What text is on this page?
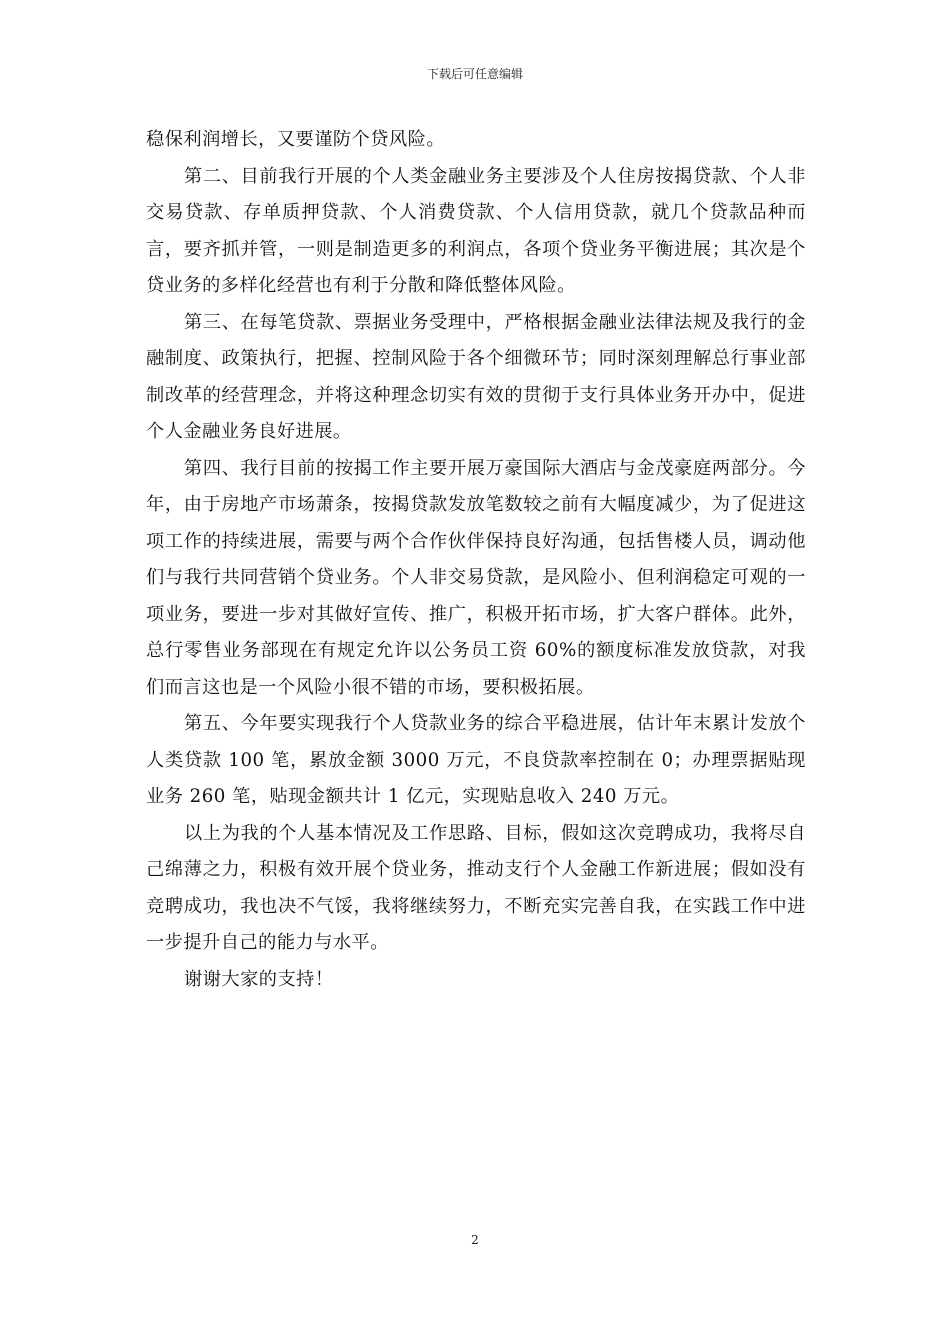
下载后可任意编辑

稳保利润增长，又要谨防个贷风险。

第二、目前我行开展的个人类金融业务主要涉及个人住房按揭贷款、个人非交易贷款、存单质押贷款、个人消费贷款、个人信用贷款，就几个贷款品种而言，要齐抓并管，一则是制造更多的利润点，各项个贷业务平衡进展；其次是个贷业务的多样化经营也有利于分散和降低整体风险。

第三、在每笔贷款、票据业务受理中，严格根据金融业法律法规及我行的金融制度、政策执行，把握、控制风险于各个细微环节；同时深刻理解总行事业部制改革的经营理念，并将这种理念切实有效的贯彻于支行具体业务开办中，促进个人金融业务良好进展。

第四、我行目前的按揭工作主要开展万豪国际大酒店与金茂豪庭两部分。今年，由于房地产市场萧条，按揭贷款发放笔数较之前有大幅度减少，为了促进这项工作的持续进展，需要与两个合作伙伴保持良好沟通，包括售楼人员，调动他们与我行共同营销个贷业务。个人非交易贷款，是风险小、但利润稳定可观的一项业务，要进一步对其做好宣传、推广，积极开拓市场，扩大客户群体。此外，总行零售业务部现在有规定允许以公务员工资 60%的额度标准发放贷款，对我们而言这也是一个风险小很不错的市场，要积极拓展。

第五、今年要实现我行个人贷款业务的综合平稳进展，估计年末累计发放个人类贷款 100 笔，累放金额 3000 万元，不良贷款率控制在 0；办理票据贴现业务 260 笔，贴现金额共计 1 亿元，实现贴息收入 240 万元。

以上为我的个人基本情况及工作思路、目标，假如这次竞聘成功，我将尽自己绵薄之力，积极有效开展个贷业务，推动支行个人金融工作新进展；假如没有竞聘成功，我也决不气馁，我将继续努力，不断充实完善自我，在实践工作中进一步提升自己的能力与水平。

谢谢大家的支持！

2
